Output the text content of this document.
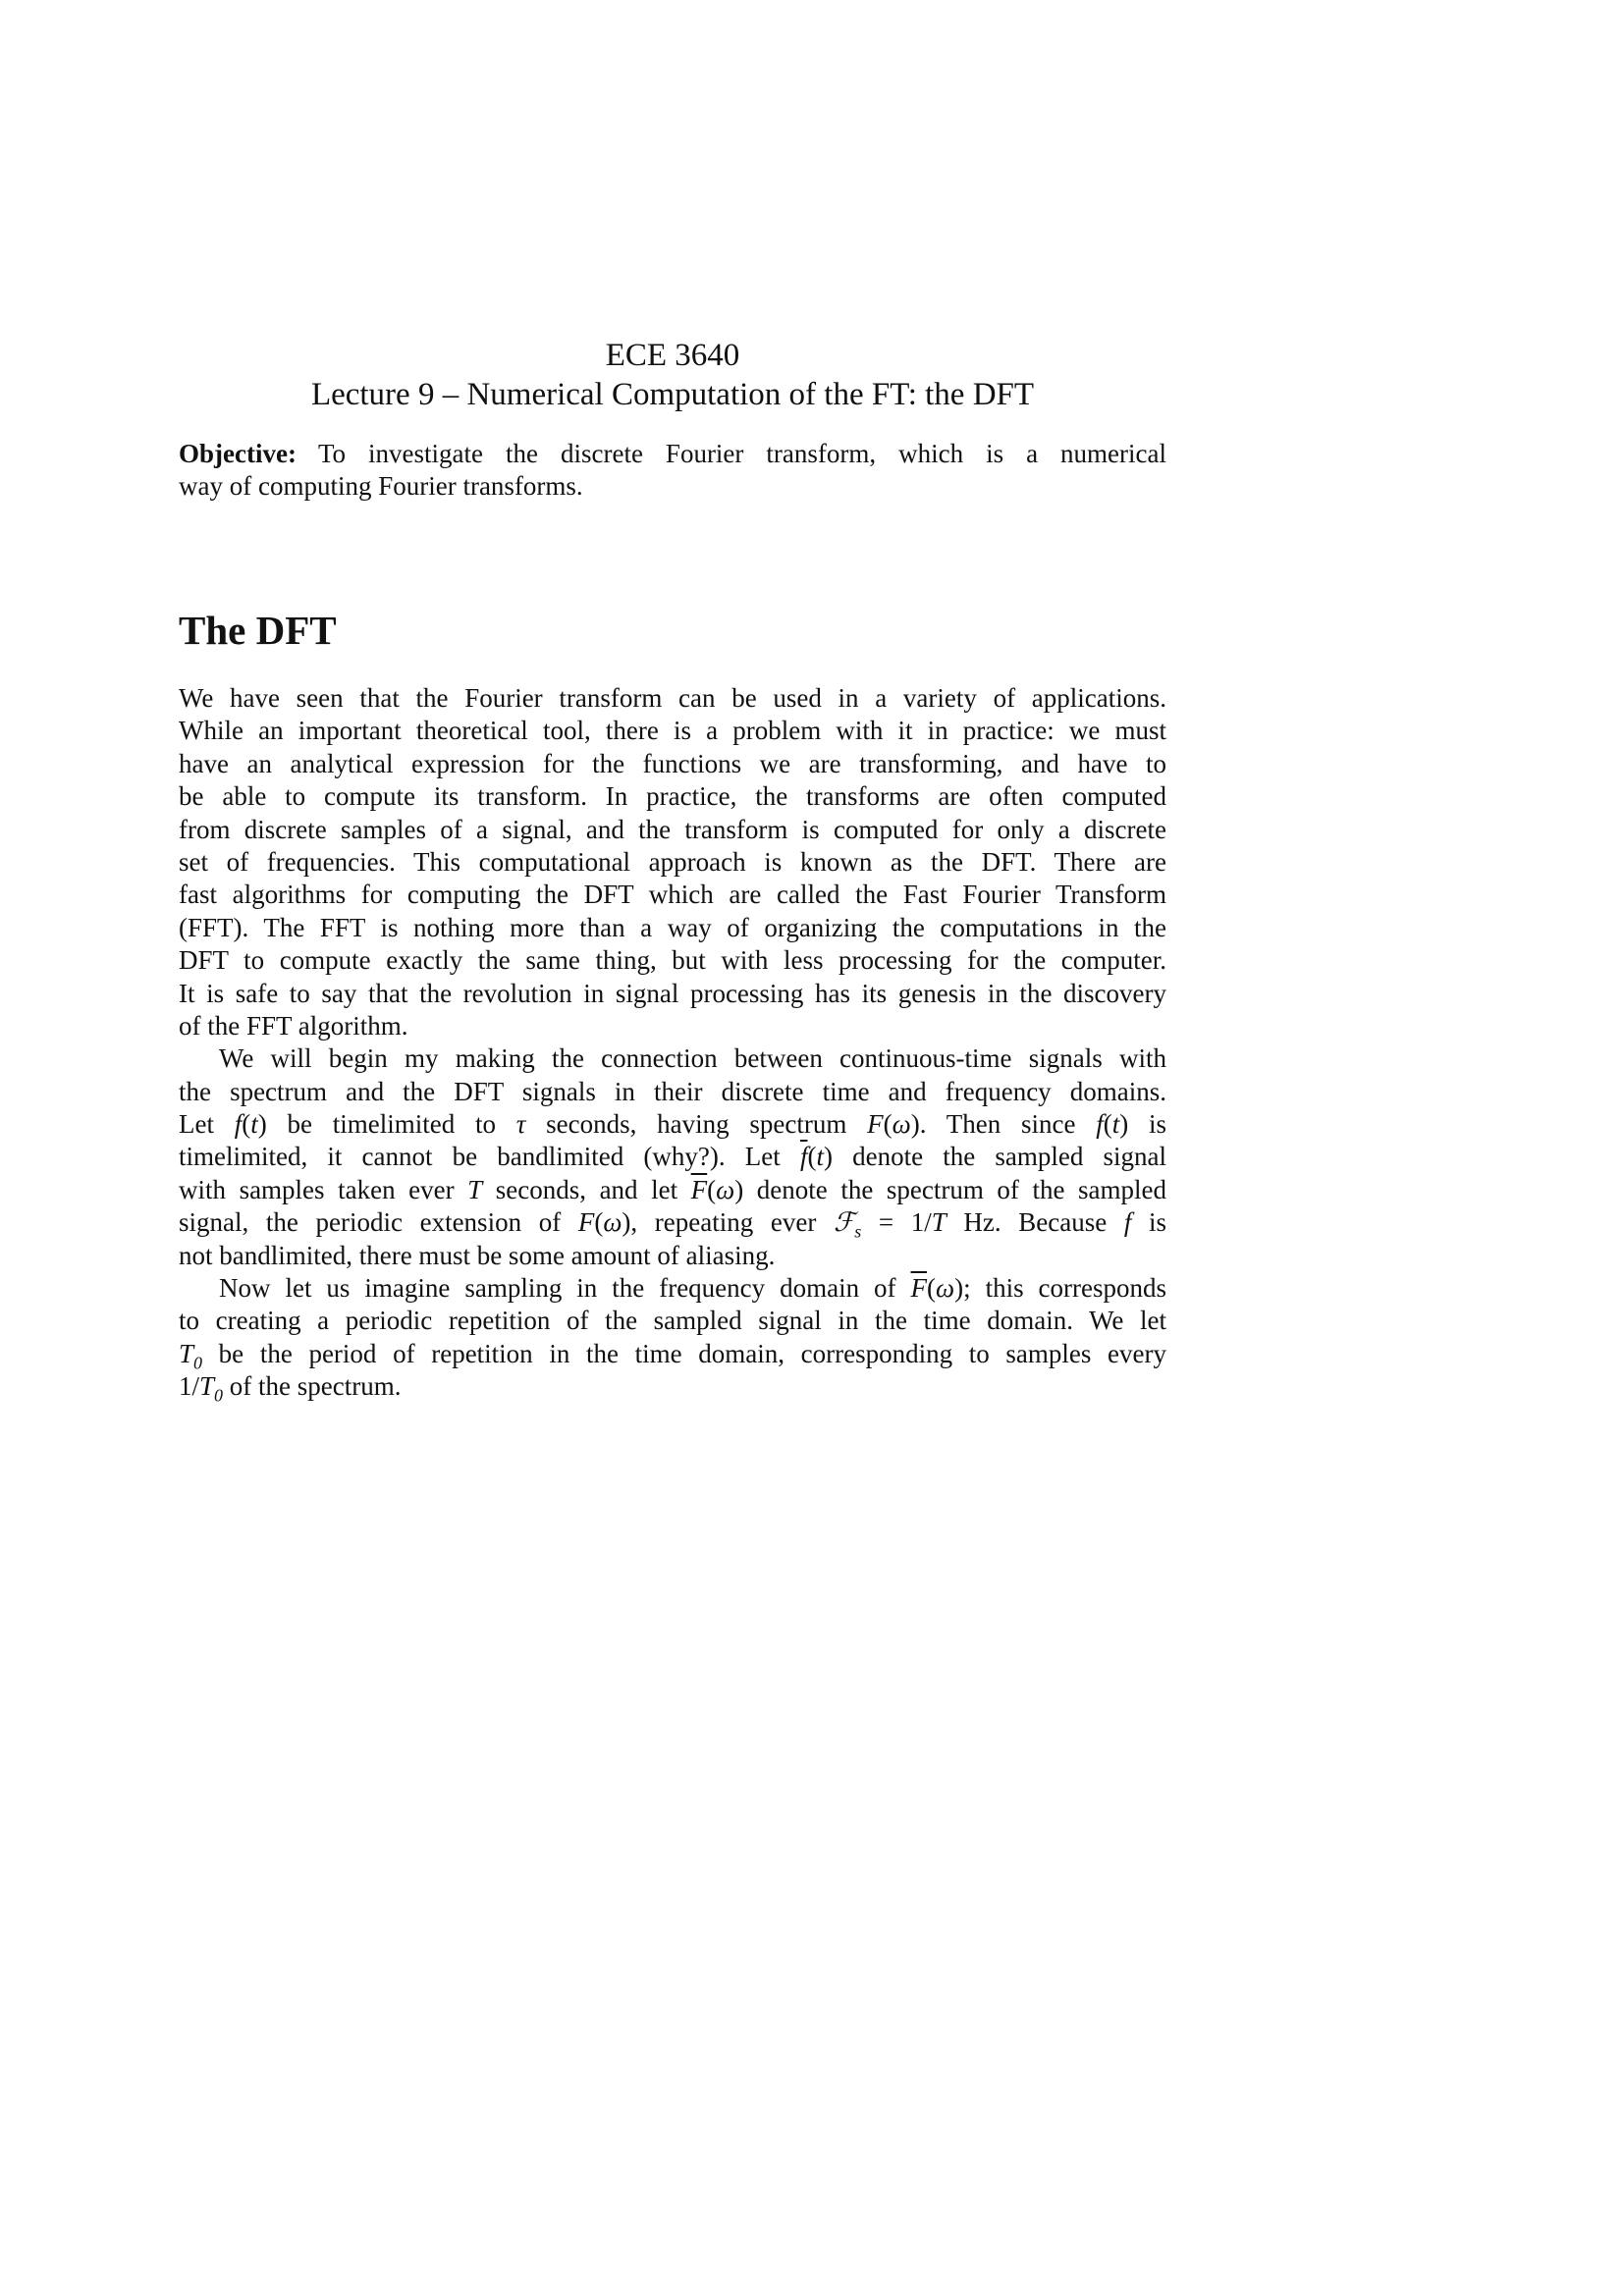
ECE 3640
Lecture 9 – Numerical Computation of the FT: the DFT
Objective: To investigate the discrete Fourier transform, which is a numerical
way of computing Fourier transforms.
The DFT
We have seen that the Fourier transform can be used in a variety of applications.
While an important theoretical tool, there is a problem with it in practice: we must
have an analytical expression for the functions we are transforming, and have to
be able to compute its transform. In practice, the transforms are often computed
from discrete samples of a signal, and the transform is computed for only a discrete
set of frequencies. This computational approach is known as the DFT. There are
fast algorithms for computing the DFT which are called the Fast Fourier Transform
(FFT). The FFT is nothing more than a way of organizing the computations in the
DFT to compute exactly the same thing, but with less processing for the computer.
It is safe to say that the revolution in signal processing has its genesis in the discovery
of the FFT algorithm.
We will begin my making the connection between continuous-time signals with
the spectrum and the DFT signals in their discrete time and frequency domains.
Let f(t) be timelimited to τ seconds, having spectrum F(ω). Then since f(t) is
timelimited, it cannot be bandlimited (why?). Let $\overline{f}(t)$ denote the sampled signal
with samples taken ever T seconds, and let $\overline{F}(\omega)$ denote the spectrum of the sampled
signal, the periodic extension of F(ω), repeating ever ℱ$_s$ = 1/T Hz. Because f is
not bandlimited, there must be some amount of aliasing.
Now let us imagine sampling in the frequency domain of $\overline{F}(\omega)$; this corresponds
to creating a periodic repetition of the sampled signal in the time domain. We let
$T_0$ be the period of repetition in the time domain, corresponding to samples every
$1/T_0$ of the spectrum.
